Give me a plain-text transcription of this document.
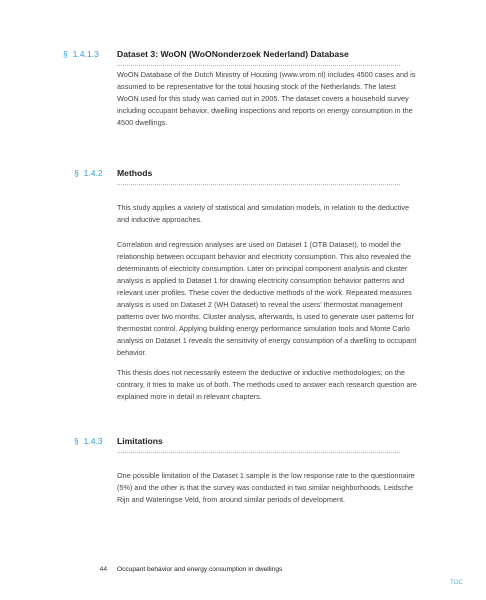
§ 1.4.1.3 Dataset 3: WoON (WoONonderzoek Nederland) Database

WoON Database of the Dutch Ministry of Housing (www.vrom.nl) includes 4500 cases and is assumed to be representative for the total housing stock of the Netherlands. The latest WoON used for this study was carried out in 2005. The dataset covers a household survey including occupant behavior, dwelling inspections and reports on energy consumption in the 4500 dwellings.

§ 1.4.2 Methods

This study applies a variety of statistical and simulation models, in relation to the deductive and inductive approaches.

Correlation and regression analyses are used on Dataset 1 (OTB Dataset), to model the relationship between occupant behavior and electricity consumption. This also revealed the determinants of electricity consumption. Later on principal component analysis and cluster analysis is applied to Dataset 1 for drawing electricity consumption behavior patterns and relevant user profiles. These cover the deductive methods of the work. Repeated measures analysis is used on Dataset 2 (WH Dataset) to reveal the users’ thermostat management patterns over two months. Cluster analysis, afterwards, is used to generate user patterns for thermostat control. Applying building energy performance simulation tools and Monte Carlo analysis on Dataset 1 reveals the sensitivity of energy consumption of a dwelling to occupant behavior.

This thesis does not necessarily esteem the deductive or inductive methodologies; on the contrary, it tries to make us of both. The methods used to answer each research question are explained more in detail in relevant chapters.

§ 1.4.3 Limitations

One possible limitation of the Dataset 1 sample is the low response rate to the questionnaire (5%) and the other is that the survey was conducted in two similar neighborhoods, Leidsche Rijn and Wateringse Veld, from around similar periods of development.

44 Occupant behavior and energy consumption in dwellings
TOC
